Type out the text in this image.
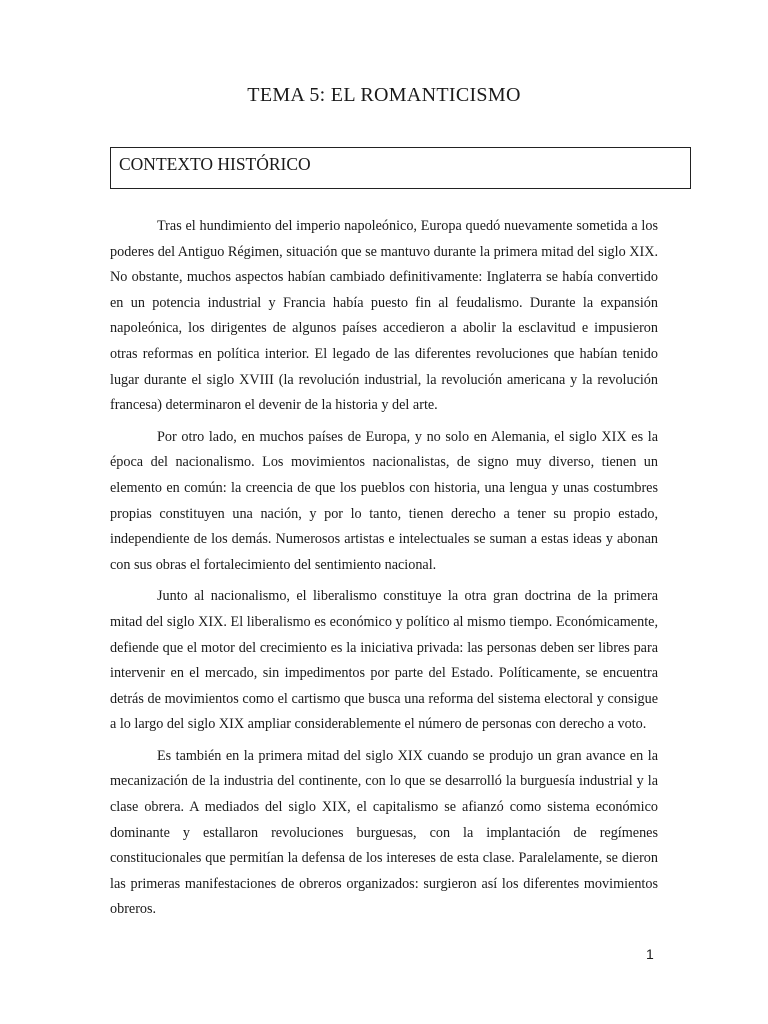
TEMA 5: EL ROMANTICISMO
CONTEXTO HISTÓRICO

Tras el hundimiento del imperio napoleónico, Europa quedó nuevamente sometida a los poderes del Antiguo Régimen, situación que se mantuvo durante la primera mitad del siglo XIX. No obstante, muchos aspectos habían cambiado definitivamente: Inglaterra se había convertido en un potencia industrial y Francia había puesto fin al feudalismo. Durante la expansión napoleónica, los dirigentes de algunos países accedieron a abolir la esclavitud e impusieron otras reformas en política interior. El legado de las diferentes revoluciones que habían tenido lugar durante el siglo XVIII (la revolución industrial, la revolución americana y la revolución francesa) determinaron el devenir de la historia y del arte.

Por otro lado, en muchos países de Europa, y no solo en Alemania, el siglo XIX es la época del nacionalismo. Los movimientos nacionalistas, de signo muy diverso, tienen un elemento en común: la creencia de que los pueblos con historia, una lengua y unas costumbres propias constituyen una nación, y por lo tanto, tienen derecho a tener su propio estado, independiente de los demás. Numerosos artistas e intelectuales se suman a estas ideas y abonan con sus obras el fortalecimiento del sentimiento nacional.

Junto al nacionalismo, el liberalismo constituye la otra gran doctrina de la primera mitad del siglo XIX. El liberalismo es económico y político al mismo tiempo. Económicamente, defiende que el motor del crecimiento es la iniciativa privada: las personas deben ser libres para intervenir en el mercado, sin impedimentos por parte del Estado. Políticamente, se encuentra detrás de movimientos como el cartismo que busca una reforma del sistema electoral y consigue a lo largo del siglo XIX ampliar considerablemente el número de personas con derecho a voto.

Es también en la primera mitad del siglo XIX cuando se produjo un gran avance en la mecanización de la industria del continente, con lo que se desarrolló la burguesía industrial y la clase obrera. A mediados del siglo XIX, el capitalismo se afianzó como sistema económico dominante y estallaron revoluciones burguesas, con la implantación de regímenes constitucionales que permitían la defensa de los intereses de esta clase. Paralelamente, se dieron las primeras manifestaciones de obreros organizados: surgieron así los diferentes movimientos obreros.

1
